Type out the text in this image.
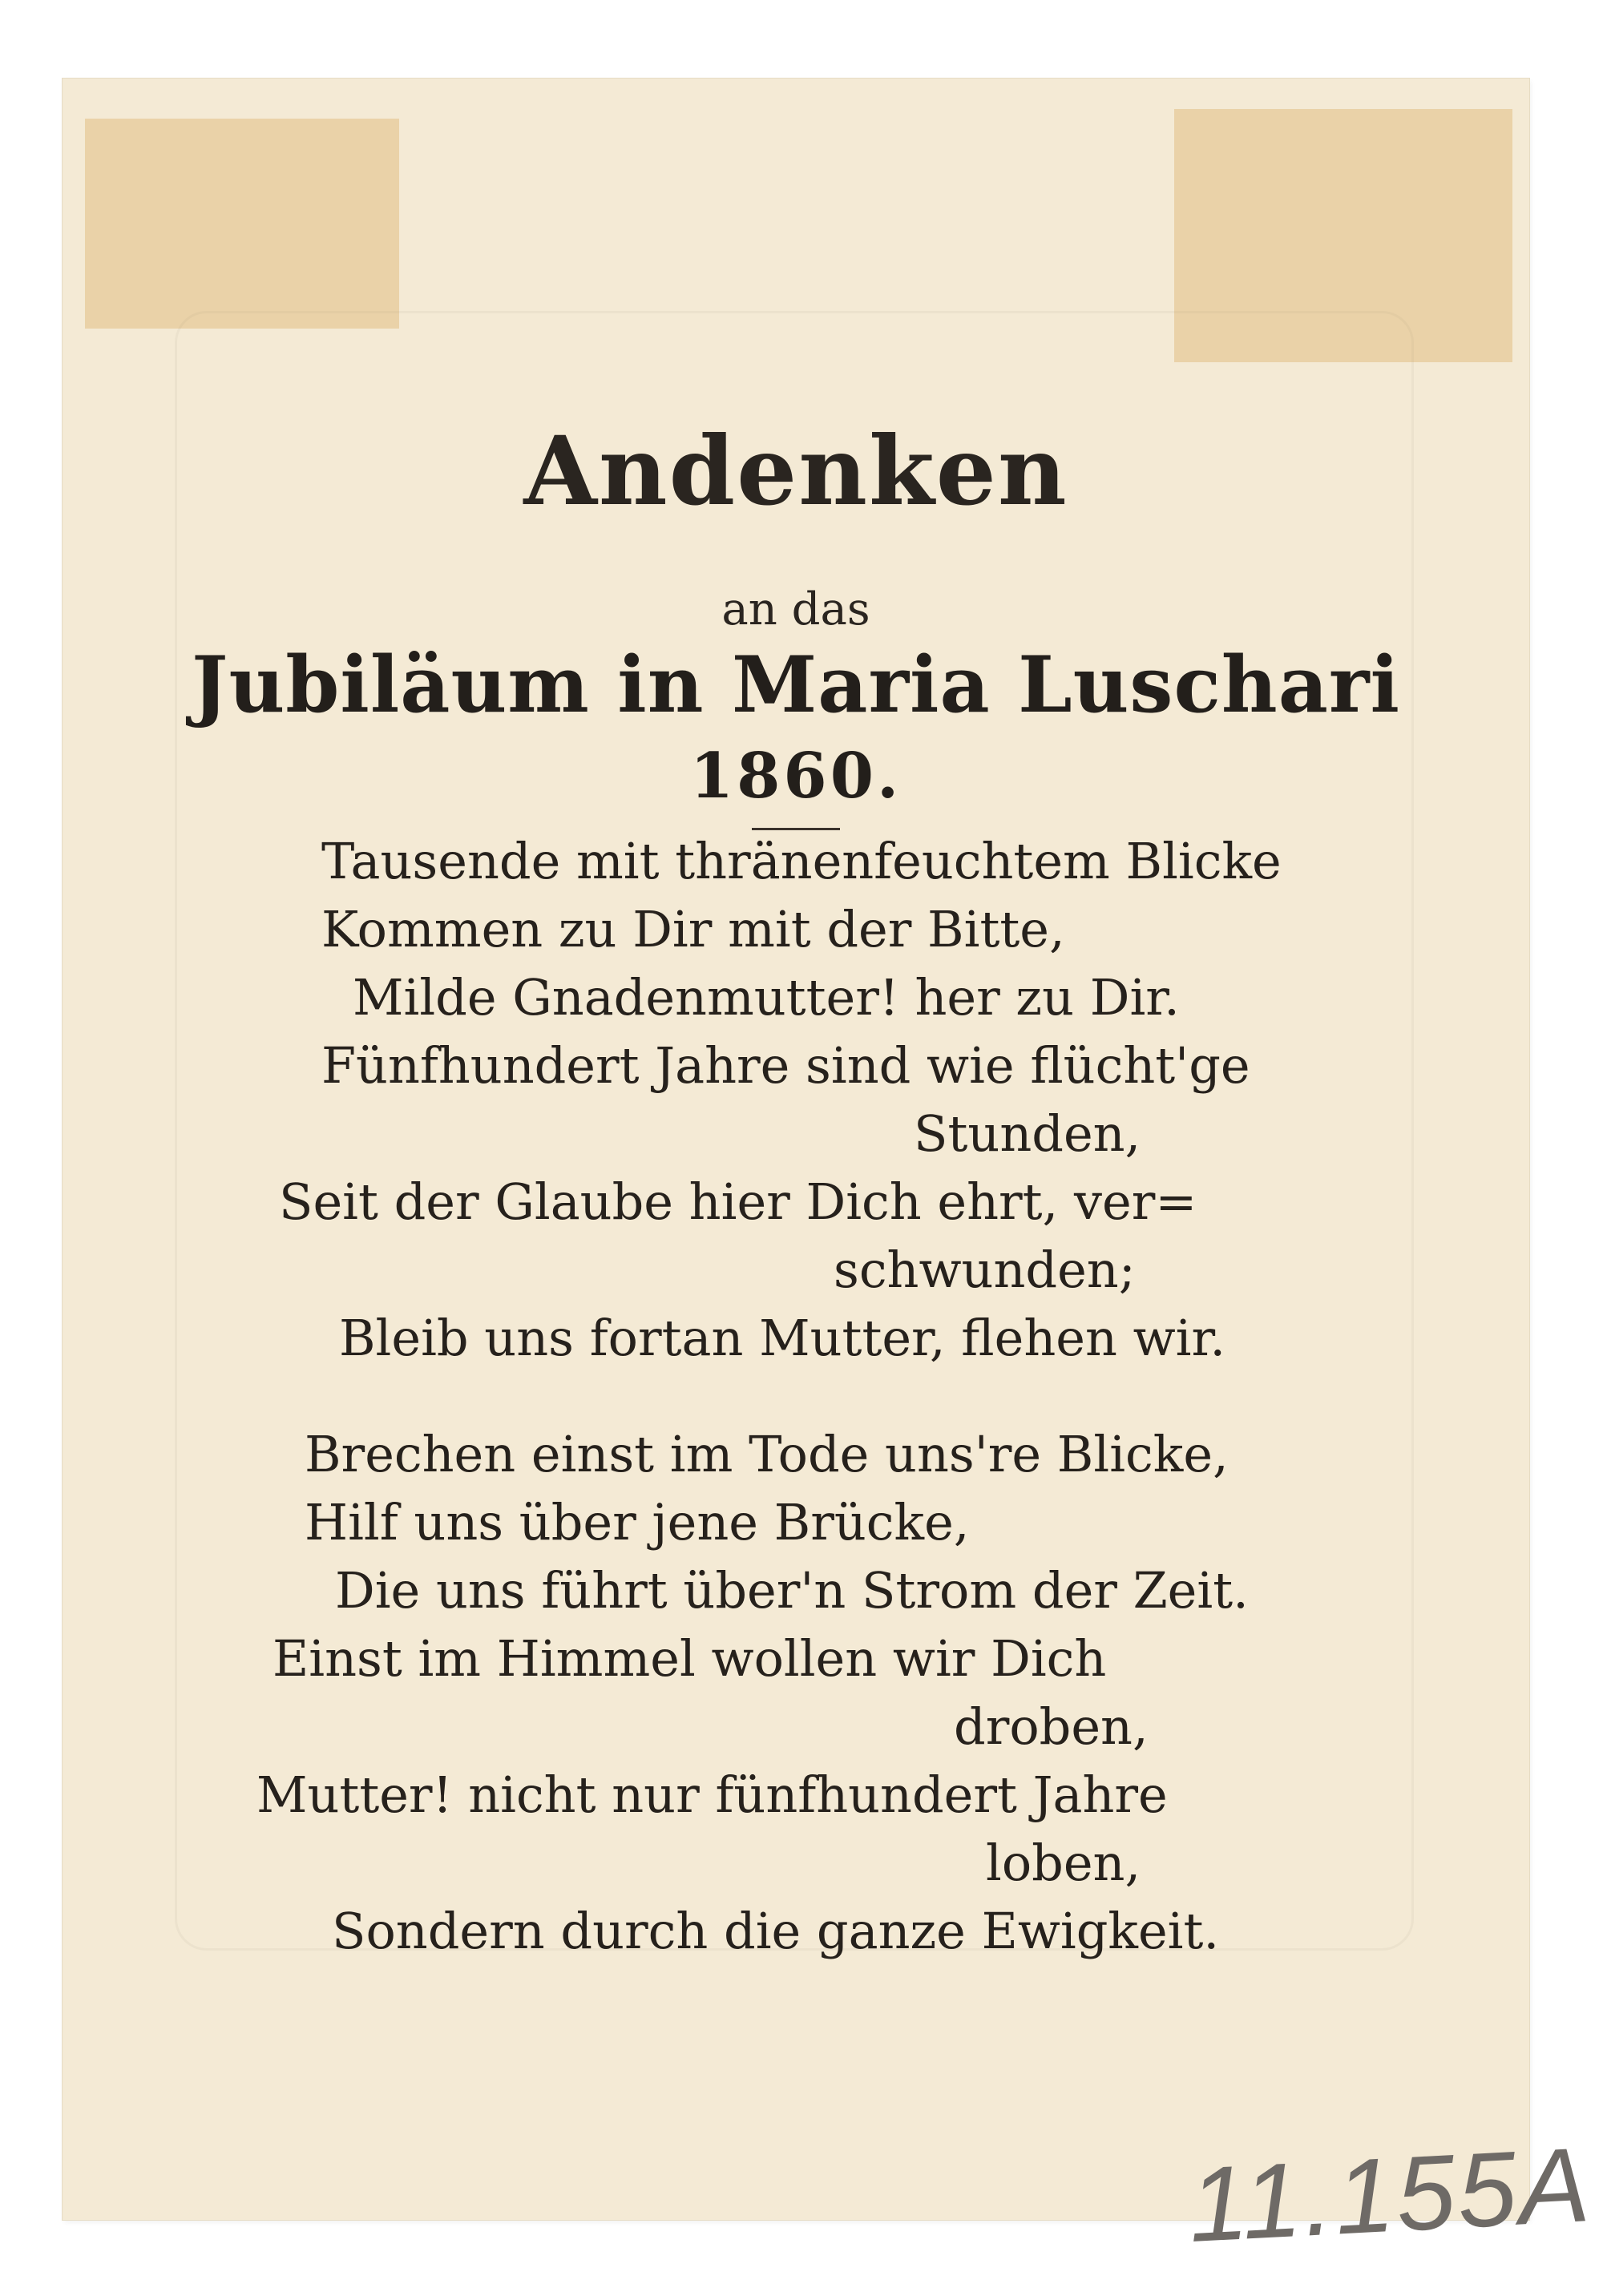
Andenken
an das
Jubiläum in Maria Luschari
1860.
Tausende mit thränenfeuchtem Blicke
Kommen zu Dir mit der Bitte,
Milde Gnadenmutter! her zu Dir.
Fünfhundert Jahre sind wie flücht'ge
Stunden,
Seit der Glaube hier Dich ehrt, ver=
schwunden;
Bleib uns fortan Mutter, flehen wir.
Brechen einst im Tode uns're Blicke,
Hilf uns über jene Brücke,
Die uns führt über'n Strom der Zeit.
Einst im Himmel wollen wir Dich
droben,
Mutter! nicht nur fünfhundert Jahre
loben,
Sondern durch die ganze Ewigkeit.
11.155A
